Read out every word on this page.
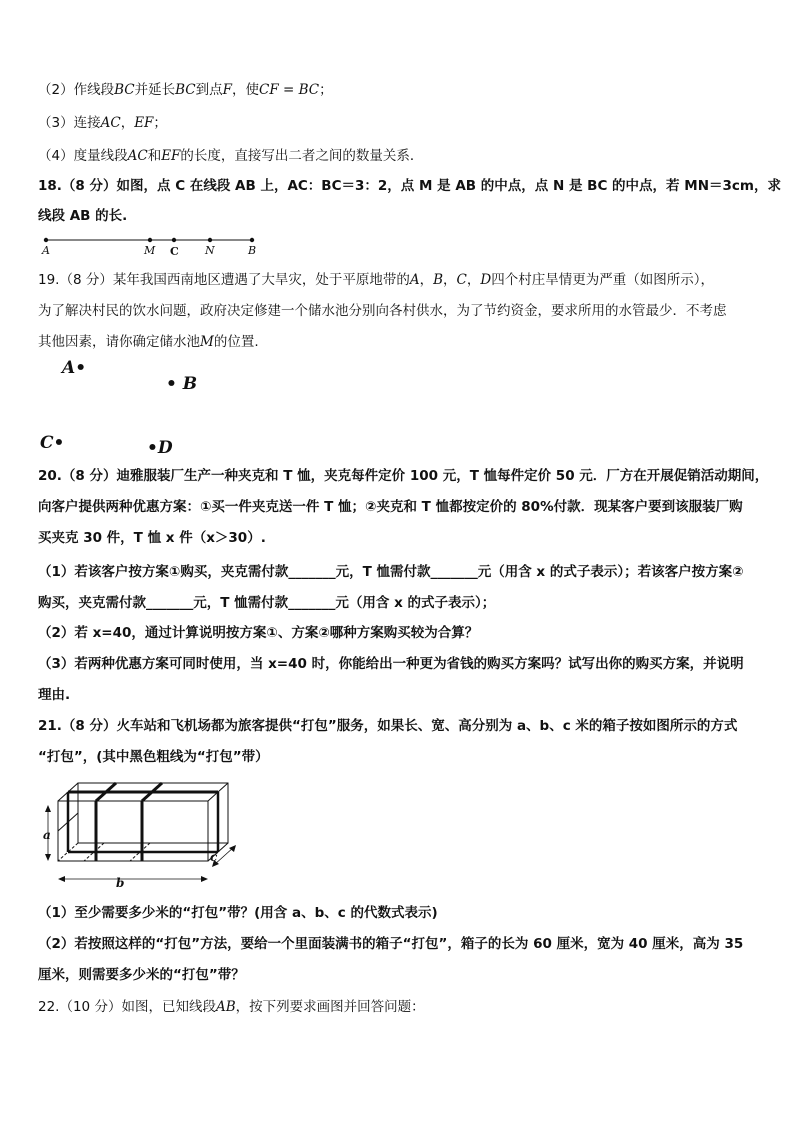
（2）作线段BC并延长BC到点F，使CF = BC；
（3）连接AC，EF；
（4）度量线段AC和EF的长度，直接写出二者之间的数量关系．
18.（8 分）如图，点 C 在线段 AB 上，AC：BC＝3：2，点 M 是 AB 的中点，点 N 是 BC 的中点，若 MN＝3cm，求
线段 AB 的长.
A	M C N	B
19.（8 分）某年我国西南地区遭遇了大旱灾，处于平原地带的A，B，C，D四个村庄旱情更为严重（如图所示），
为了解决村民的饮水问题，政府决定修建一个储水池分别向各村供水，为了节约资金，要求所用的水管最少．不考虑
其他因素，请你确定储水池M的位置.
A•
• B
C•	•D
20.（8 分）迪雅服装厂生产一种夹克和 T 恤，夹克每件定价 100 元，T 恤每件定价 50 元．厂方在开展促销活动期间，
向客户提供两种优惠方案：①买一件夹克送一件 T 恤；②夹克和 T 恤都按定价的 80%付款．现某客户要到该服装厂购
买夹克 30 件，T 恤 x 件（x＞30）.
（1）若该客户按方案①购买，夹克需付款_______元，T 恤需付款_______元（用含 x 的式子表示）；若该客户按方案②
购买，夹克需付款_______元，T 恤需付款_______元（用含 x 的式子表示）；
（2）若 x=40，通过计算说明按方案①、方案②哪种方案购买较为合算？
（3）若两种优惠方案可同时使用，当 x=40 时，你能给出一种更为省钱的购买方案吗？试写出你的购买方案，并说明
理由.
21.（8 分）火车站和飞机场都为旅客提供“打包”服务，如果长、宽、高分别为 a、b、c 米的箱子按如图所示的方式
“打包”，(其中黑色粗线为“打包”带）
a
b
c
（1）至少需要多少米的“打包”带？(用含 a、b、c 的代数式表示)
（2）若按照这样的“打包”方法，要给一个里面装满书的箱子“打包”，箱子的长为 60 厘米，宽为 40 厘米，高为 35
厘米，则需要多少米的“打包”带？
22.（10 分）如图，已知线段AB，按下列要求画图并回答问题：
